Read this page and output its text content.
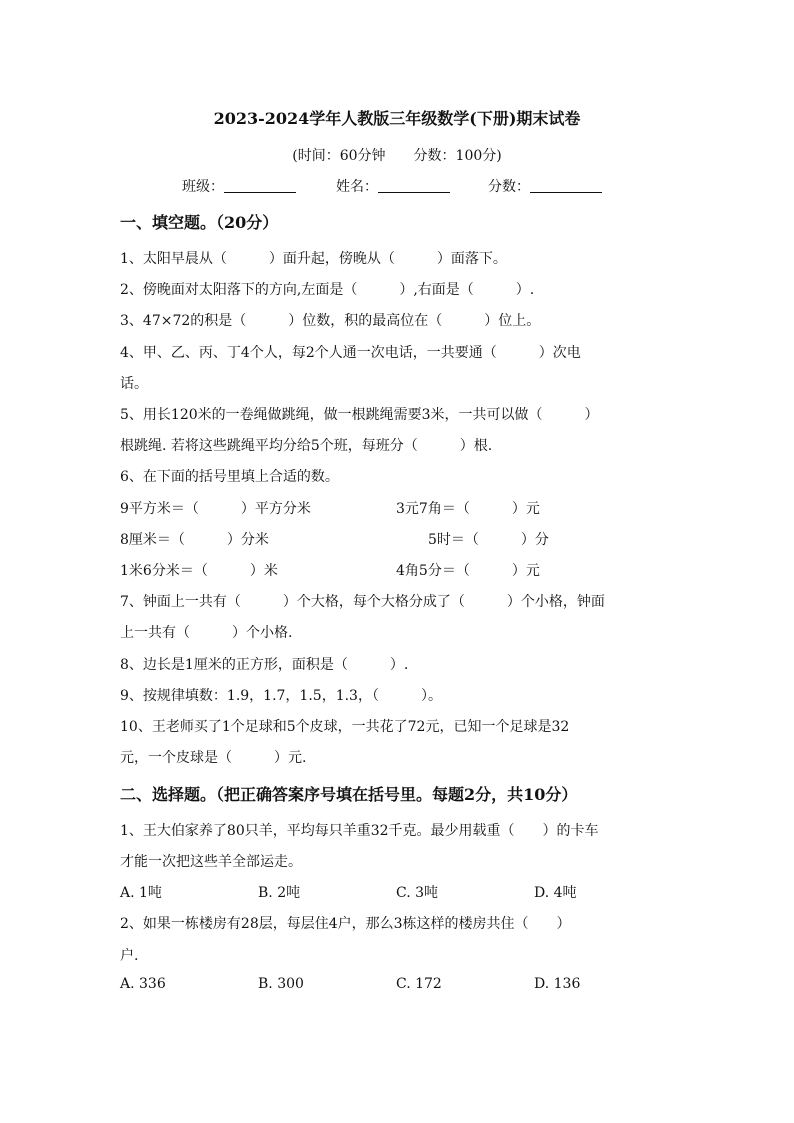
2023-2024学年人教版三年级数学(下册)期末试卷
(时间：60分钟　　分数：100分)
班级：	姓名：	分数：
一、填空题。（20分）
1、太阳早晨从（　　　）面升起，傍晚从（　　　）面落下。
2、傍晚面对太阳落下的方向,左面是（　　　）,右面是（　　　）.
3、47×72的积是（　　　）位数，积的最高位在（　　　）位上。
4、甲、乙、丙、丁4个人，每2个人通一次电话，一共要通（　　　）次电
话。
5、用长120米的一卷绳做跳绳，做一根跳绳需要3米，一共可以做（　　　）
根跳绳. 若将这些跳绳平均分给5个班，每班分（　　　）根.
6、在下面的括号里填上合适的数。
9平方米＝（　　　）平方分米	3元7角＝（　　　）元
8厘米＝（　　　）分米	5时＝（　　　）分
1米6分米＝（　　　）米	4角5分＝（　　　）元
7、钟面上一共有（　　　）个大格，每个大格分成了（　　　）个小格，钟面
上一共有（　　　）个小格.
8、边长是1厘米的正方形，面积是（　　　）.
9、按规律填数：1.9，1.7，1.5，1.3，（　　　）。
10、王老师买了1个足球和5个皮球，一共花了72元，已知一个足球是32
元，一个皮球是（　　　）元.
二、选择题。（把正确答案序号填在括号里。每题2分，共10分）
1、王大伯家养了80只羊，平均每只羊重32千克。最少用载重（　　）的卡车
才能一次把这些羊全部运走。
A. 1吨	B. 2吨	C. 3吨	D. 4吨
2、如果一栋楼房有28层，每层住4户，那么3栋这样的楼房共住（　　）
户.
A. 336	B. 300	C. 172	D. 136
